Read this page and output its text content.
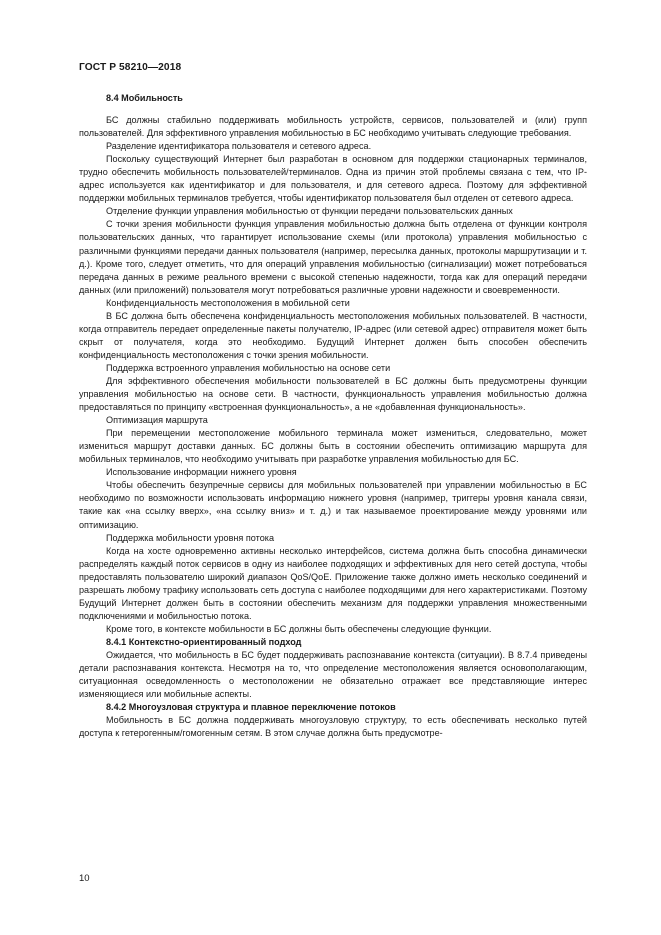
ГОСТ Р 58210—2018

8.4 Мобильность

БС должны стабильно поддерживать мобильность устройств, сервисов, пользователей и (или) групп пользователей. Для эффективного управления мобильностью в БС необходимо учитывать следующие требования.

Разделение идентификатора пользователя и сетевого адреса.

Поскольку существующий Интернет был разработан в основном для поддержки стационарных терминалов, трудно обеспечить мобильность пользователей/терминалов. Одна из причин этой проблемы связана с тем, что IP-адрес используется как идентификатор и для пользователя, и для сетевого адреса. Поэтому для эффективной поддержки мобильных терминалов требуется, чтобы идентификатор пользователя был отделен от сетевого адреса.

Отделение функции управления мобильностью от функции передачи пользовательских данных

С точки зрения мобильности функция управления мобильностью должна быть отделена от функции контроля пользовательских данных, что гарантирует использование схемы (или протокола) управления мобильностью с различными функциями передачи данных пользователя (например, пересылка данных, протоколы маршрутизации и т. д.). Кроме того, следует отметить, что для операций управления мобильностью (сигнализации) может потребоваться передача данных в режиме реального времени с высокой степенью надежности, тогда как для операций передачи данных (или приложений) пользователя могут потребоваться различные уровни надежности и своевременности.

Конфиденциальность местоположения в мобильной сети

В БС должна быть обеспечена конфиденциальность местоположения мобильных пользователей. В частности, когда отправитель передает определенные пакеты получателю, IP-адрес (или сетевой адрес) отправителя может быть скрыт от получателя, когда это необходимо. Будущий Интернет должен быть способен обеспечить конфиденциальность местоположения с точки зрения мобильности.

Поддержка встроенного управления мобильностью на основе сети

Для эффективного обеспечения мобильности пользователей в БС должны быть предусмотрены функции управления мобильностью на основе сети. В частности, функциональность управления мобильностью должна предоставляться по принципу «встроенная функциональность», а не «добавленная функциональность».

Оптимизация маршрута

При перемещении местоположение мобильного терминала может измениться, следовательно, может измениться маршрут доставки данных. БС должны быть в состоянии обеспечить оптимизацию маршрута для мобильных терминалов, что необходимо учитывать при разработке управления мобильностью для БС.

Использование информации нижнего уровня

Чтобы обеспечить безупречные сервисы для мобильных пользователей при управлении мобильностью в БС необходимо по возможности использовать информацию нижнего уровня (например, триггеры уровня канала связи, такие как «на ссылку вверх», «на ссылку вниз» и т. д.) и так называемое проектирование между уровнями или оптимизацию.

Поддержка мобильности уровня потока

Когда на хосте одновременно активны несколько интерфейсов, система должна быть способна динамически распределять каждый поток сервисов в одну из наиболее подходящих и эффективных для него сетей доступа, чтобы предоставлять пользователю широкий диапазон QoS/QoE. Приложение также должно иметь несколько соединений и разрешать любому трафику использовать сеть доступа с наиболее подходящими для него характеристиками. Поэтому Будущий Интернет должен быть в состоянии обеспечить механизм для поддержки управления множественными подключениями и мобильностью потока.

Кроме того, в контексте мобильности в БС должны быть обеспечены следующие функции.

8.4.1 Контекстно-ориентированный подход

Ожидается, что мобильность в БС будет поддерживать распознавание контекста (ситуации). В 8.7.4 приведены детали распознавания контекста. Несмотря на то, что определение местоположения является основополагающим, ситуационная осведомленность о местоположении не обязательно отражает все представляющие интерес изменяющиеся или мобильные аспекты.

8.4.2 Многоузловая структура и плавное переключение потоков

Мобильность в БС должна поддерживать многоузловую структуру, то есть обеспечивать несколько путей доступа к гетерогенным/гомогенным сетям. В этом случае должна быть предусмотре-

10
